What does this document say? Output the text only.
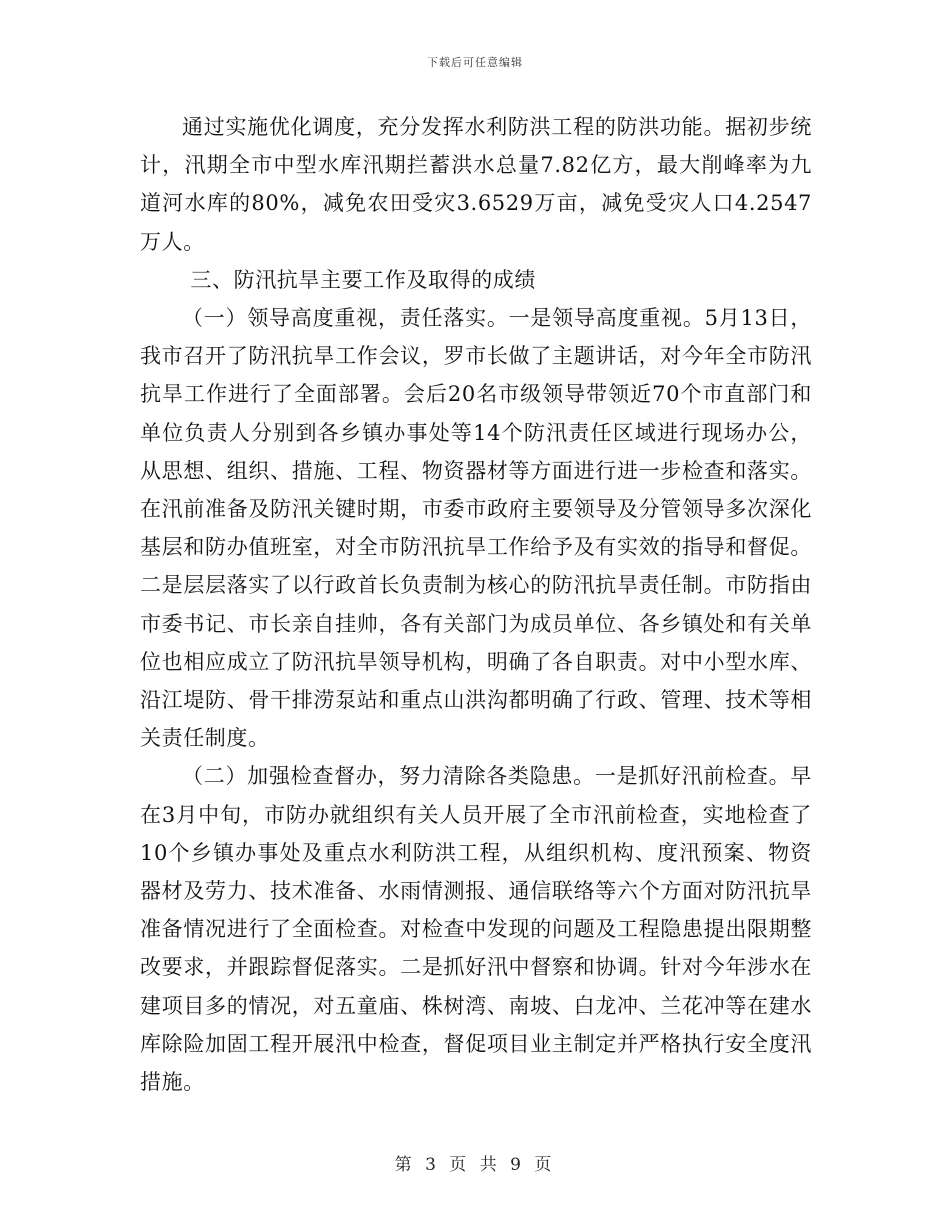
下载后可任意编辑

通过实施优化调度，充分发挥水利防洪工程的防洪功能。据初步统计，汛期全市中型水库汛期拦蓄洪水总量7.82亿方，最大削峰率为九道河水库的80%，减免农田受灾3.6529万亩，减免受灾人口4.2547万人。

三、防汛抗旱主要工作及取得的成绩

（一）领导高度重视，责任落实。一是领导高度重视。5月13日，我市召开了防汛抗旱工作会议，罗市长做了主题讲话，对今年全市防汛抗旱工作进行了全面部署。会后20名市级领导带领近70个市直部门和单位负责人分别到各乡镇办事处等14个防汛责任区域进行现场办公，从思想、组织、措施、工程、物资器材等方面进行进一步检查和落实。在汛前准备及防汛关键时期，市委市政府主要领导及分管领导多次深化基层和防办值班室，对全市防汛抗旱工作给予及有实效的指导和督促。二是层层落实了以行政首长负责制为核心的防汛抗旱责任制。市防指由市委书记、市长亲自挂帅，各有关部门为成员单位、各乡镇处和有关单位也相应成立了防汛抗旱领导机构，明确了各自职责。对中小型水库、沿江堤防、骨干排涝泵站和重点山洪沟都明确了行政、管理、技术等相关责任制度。

（二）加强检查督办，努力清除各类隐患。一是抓好汛前检查。早在3月中旬，市防办就组织有关人员开展了全市汛前检查，实地检查了10个乡镇办事处及重点水利防洪工程，从组织机构、度汛预案、物资器材及劳力、技术准备、水雨情测报、通信联络等六个方面对防汛抗旱准备情况进行了全面检查。对检查中发现的问题及工程隐患提出限期整改要求，并跟踪督促落实。二是抓好汛中督察和协调。针对今年涉水在建项目多的情况，对五童庙、株树湾、南坡、白龙冲、兰花冲等在建水库除险加固工程开展汛中检查，督促项目业主制定并严格执行安全度汛措施。

第 3 页 共 9 页
